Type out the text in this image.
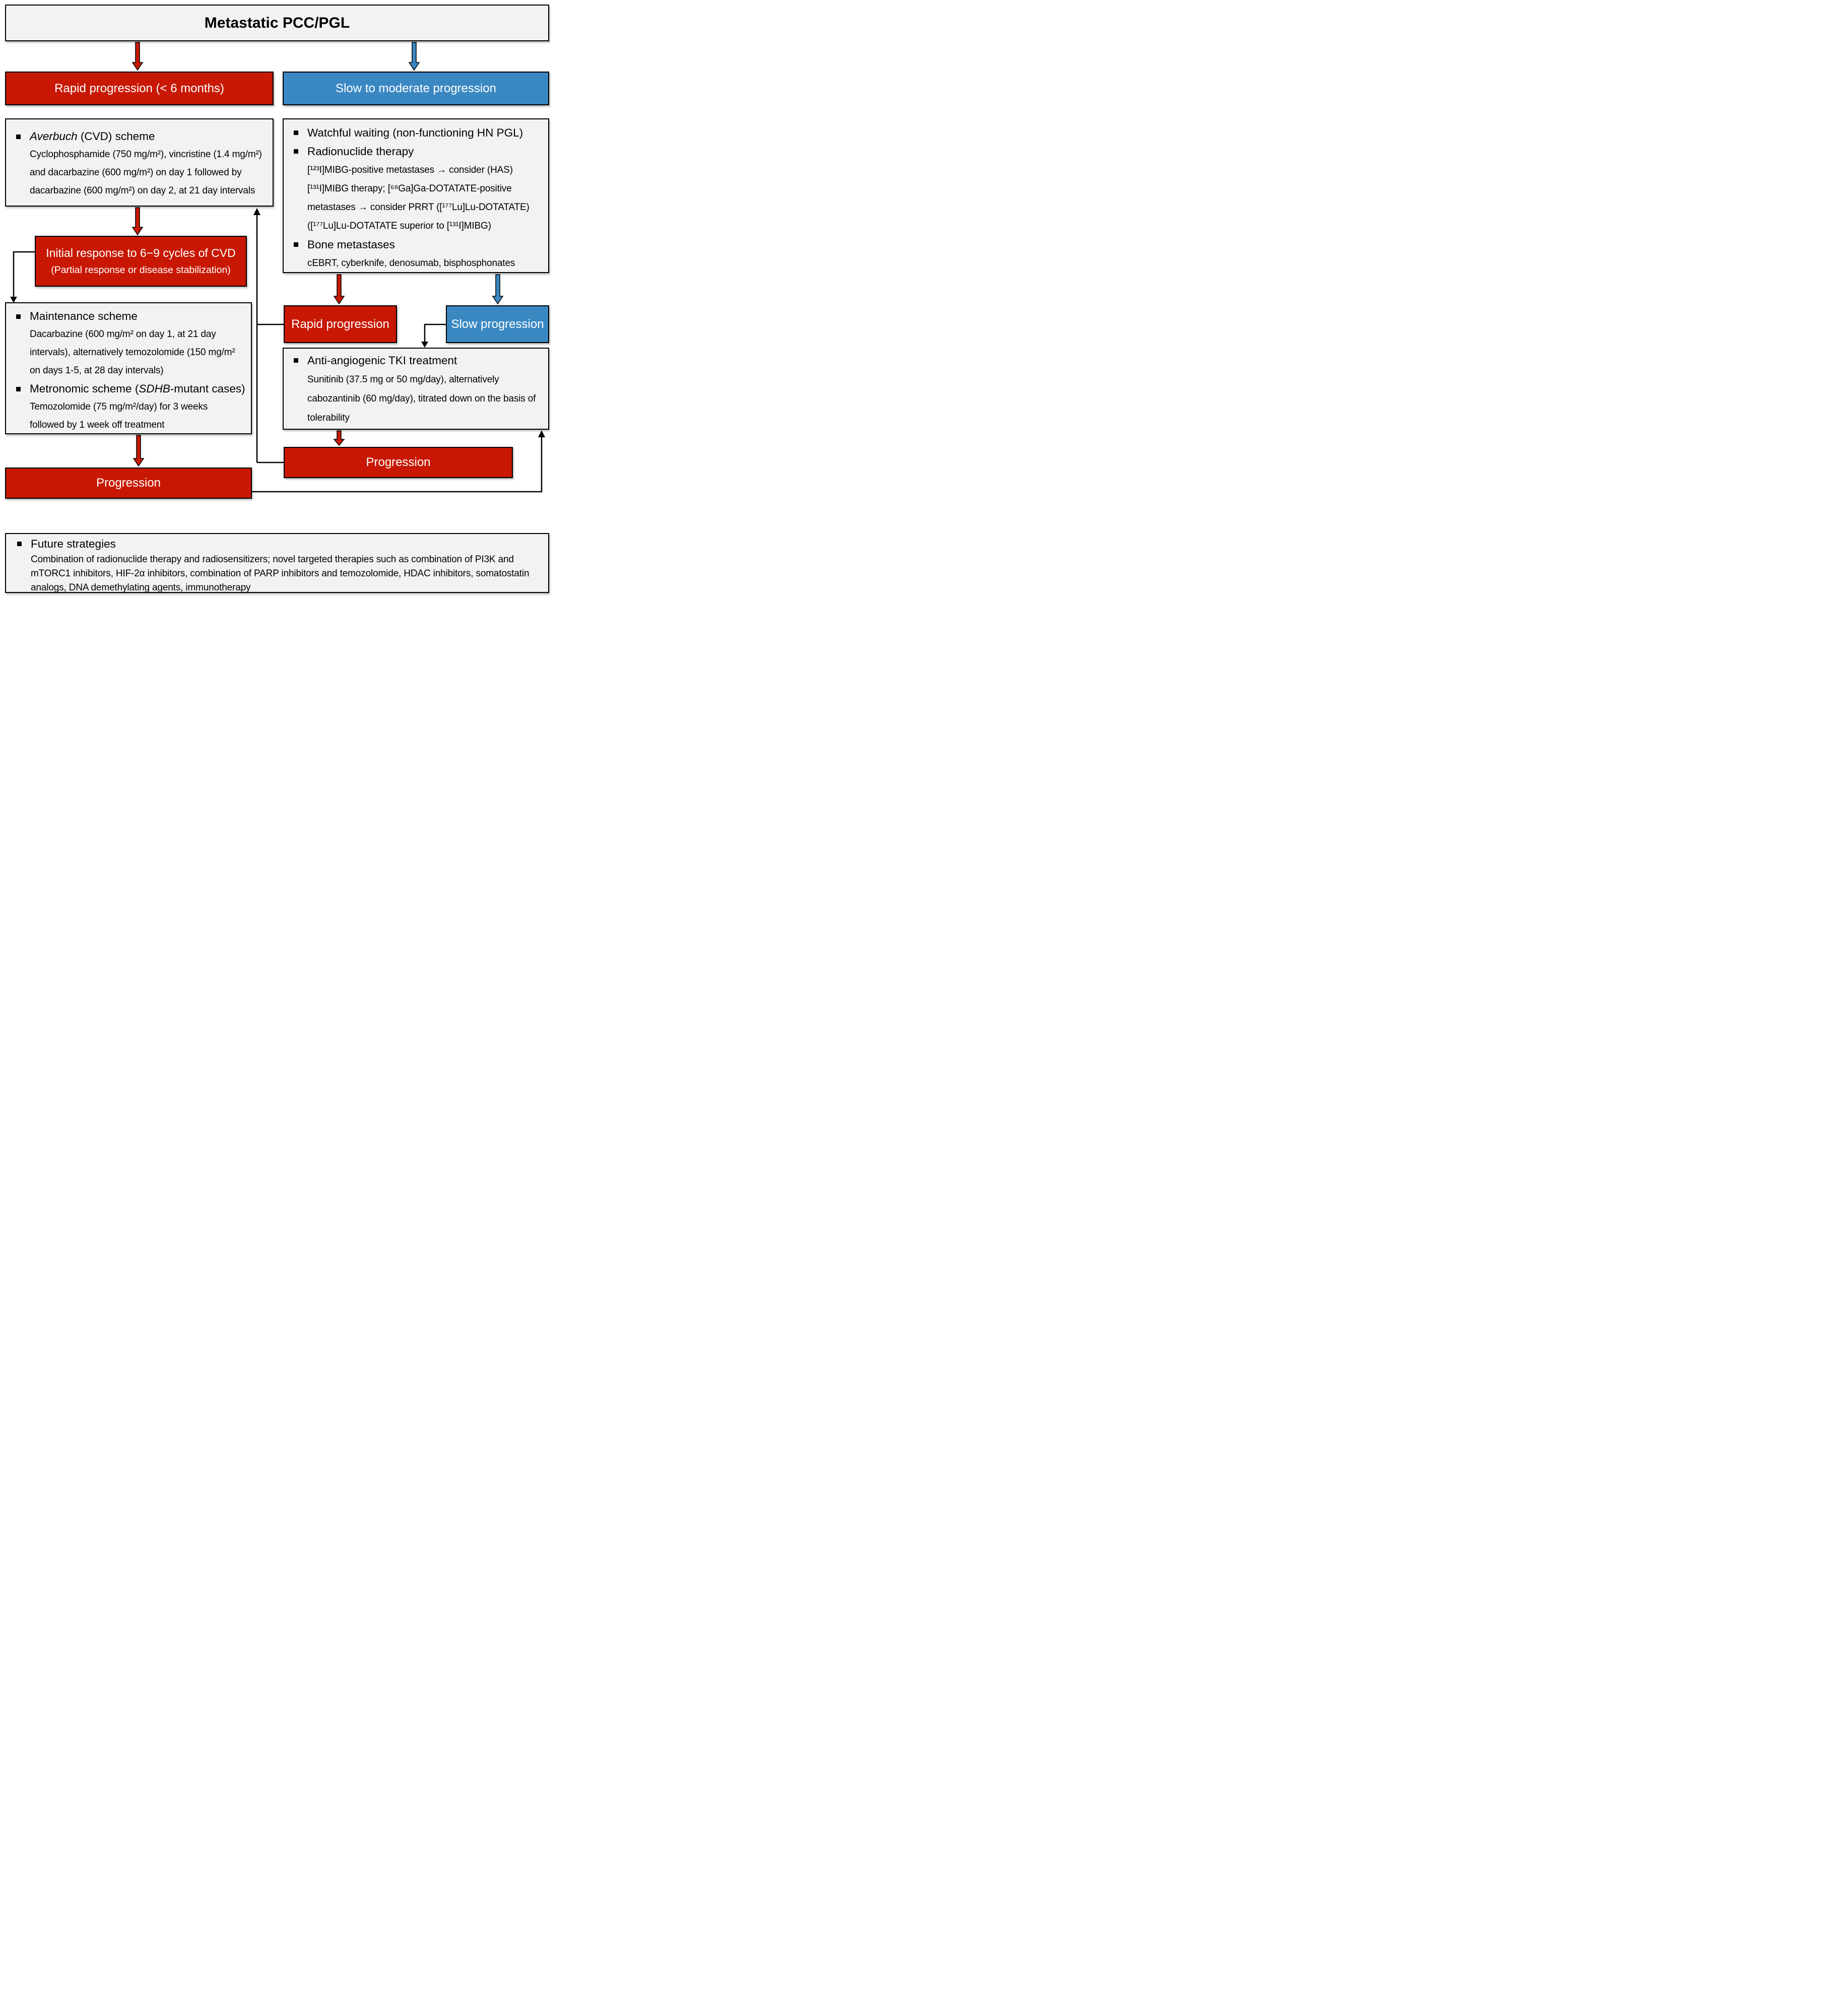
Metastatic PCC/PGL
Rapid progression (< 6 months)	Slow to moderate progression
Averbuch (CVD) scheme
Cyclophosphamide (750 mg/m²), vincristine (1.4 mg/m²)
and dacarbazine (600 mg/m²) on day 1 followed by
dacarbazine (600 mg/m²) on day 2, at 21 day intervals
Watchful waiting (non-functioning HN PGL)
Radionuclide therapy
[¹²³I]MIBG-positive metastases → consider (HAS)
[¹³¹I]MIBG therapy; [⁶⁸Ga]Ga-DOTATATE-positive
metastases → consider PRRT ([¹⁷⁷Lu]Lu-DOTATATE)
([¹⁷⁷Lu]Lu-DOTATATE superior to [¹³¹I]MIBG)
Bone metastases
cEBRT, cyberknife, denosumab, bisphosphonates
Initial response to 6−9 cycles of CVD
(Partial response or disease stabilization)
Maintenance scheme
Dacarbazine (600 mg/m² on day 1, at 21 day
intervals), alternatively temozolomide (150 mg/m²
on days 1-5, at 28 day intervals)
Metronomic scheme (SDHB-mutant cases)
Temozolomide (75 mg/m²/day) for 3 weeks
followed by 1 week off treatment
Progression
Rapid progression	Slow progression
Anti-angiogenic TKI treatment
Sunitinib (37.5 mg or 50 mg/day), alternatively
cabozantinib (60 mg/day), titrated down on the basis of
tolerability
Progression
Future strategies
Combination of radionuclide therapy and radiosensitizers; novel targeted therapies such as combination of PI3K and
mTORC1 inhibitors, HIF-2α inhibitors, combination of PARP inhibitors and temozolomide, HDAC inhibitors, somatostatin
analogs, DNA demethylating agents, immunotherapy
